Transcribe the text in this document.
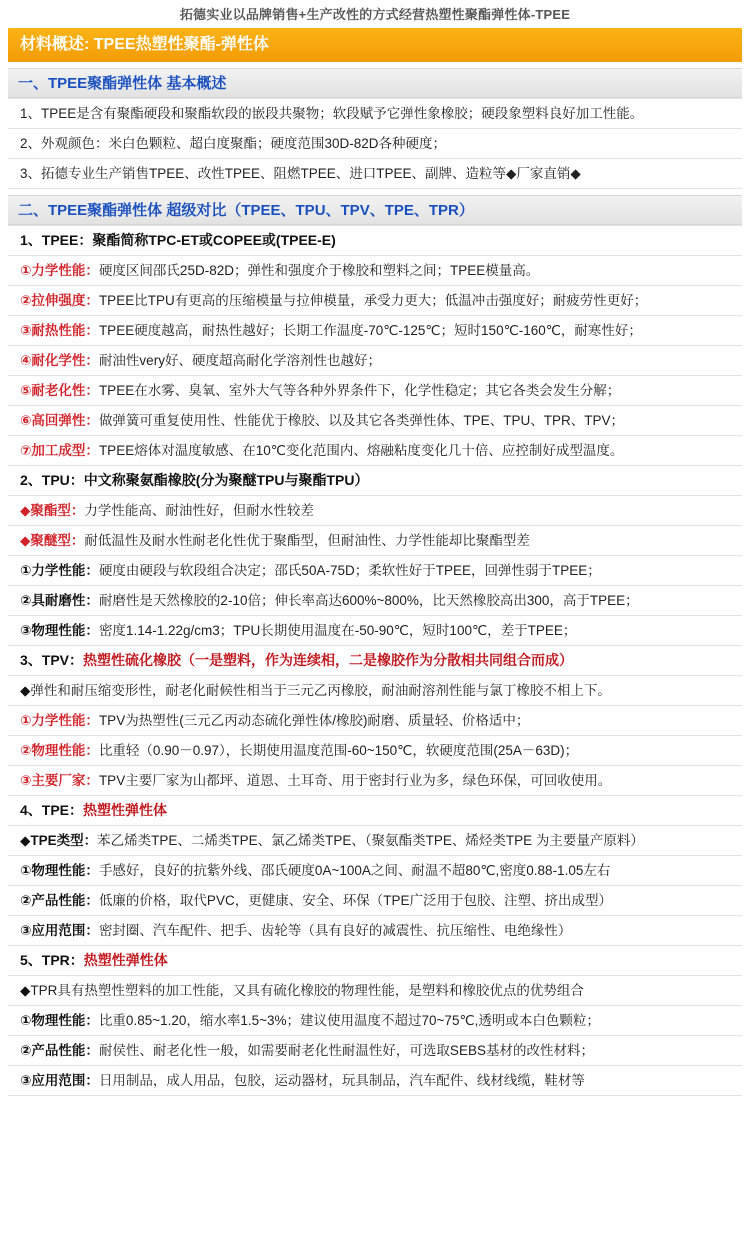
拓德实业以品牌销售+生产改性的方式经营热塑性聚酯弹性体-TPEE
材料概述: TPEE热塑性聚酯-弹性体
一、TPEE聚酯弹性体 基本概述
1、TPEE是含有聚酯硬段和聚酯软段的嵌段共聚物；软段赋予它弹性象橡胶；硬段象塑料良好加工性能。
2、外观颜色：米白色颗粒、超白度聚酯；硬度范围30D-82D各种硬度；
3、拓德专业生产销售TPEE、改性TPEE、阻燃TPEE、进口TPEE、副牌、造粒等◆厂家直销◆
二、TPEE聚酯弹性体 超级对比（TPEE、TPU、TPV、TPE、TPR）
1、TPEE：聚酯简称TPC-ET或COPEE或(TPEE-E)
①力学性能：硬度区间邵氏25D-82D；弹性和强度介于橡胶和塑料之间；TPEE模量高。
②拉伸强度：TPEE比TPU有更高的压缩模量与拉伸模量，承受力更大；低温冲击强度好；耐疲劳性更好；
③耐热性能：TPEE硬度越高，耐热性越好；长期工作温度-70℃-125℃；短时150℃-160℃，耐寒性好；
④耐化学性：耐油性very好、硬度超高耐化学溶剂性也越好；
⑤耐老化性：TPEE在水雾、臭氧、室外大气等各种外界条件下，化学性稳定；其它各类会发生分解；
⑥高回弹性：做弹簧可重复使用性、性能优于橡胶、以及其它各类弹性体、TPE、TPU、TPR、TPV；
⑦加工成型：TPEE熔体对温度敏感、在10℃变化范围内、熔融粘度变化几十倍、应控制好成型温度。
2、TPU：中文称聚氨酯橡胶(分为聚醚TPU与聚酯TPU）
◆聚酯型：力学性能高、耐油性好，但耐水性较差
◆聚醚型：耐低温性及耐水性耐老化性优于聚酯型，但耐油性、力学性能却比聚酯型差
①力学性能：硬度由硬段与软段组合决定；邵氏50A-75D；柔软性好于TPEE，回弹性弱于TPEE；
②具耐磨性：耐磨性是天然橡胶的2-10倍；伸长率高达600%~800%，比天然橡胶高出300，高于TPEE；
③物理性能：密度1.14-1.22g/cm3；TPU长期使用温度在-50-90℃，短时100℃，差于TPEE；
3、TPV：热塑性硫化橡胶（一是塑料，作为连续相，二是橡胶作为分散相共同组合而成）
◆弹性和耐压缩变形性，耐老化耐候性相当于三元乙丙橡胶，耐油耐溶剂性能与氯丁橡胶不相上下。
①力学性能：TPV为热塑性(三元乙丙动态硫化弹性体/橡胶)耐磨、质量轻、价格适中；
②物理性能：比重轻（0.90－0.97），长期使用温度范围-60~150℃，软硬度范围(25A－63D)；
③主要厂家：TPV主要厂家为山都坪、道恩、土耳奇、用于密封行业为多，绿色环保，可回收使用。
4、TPE：热塑性弹性体
◆TPE类型：苯乙烯类TPE、二烯类TPE、氯乙烯类TPE、（聚氨酯类TPE、烯烃类TPE 为主要量产原料）
①物理性能：手感好，良好的抗紫外线、邵氏硬度0A~100A之间、耐温不超80℃,密度0.88-1.05左右
②产品性能：低廉的价格，取代PVC，更健康、安全、环保（TPE广泛用于包胶、注塑、挤出成型）
③应用范围：密封圈、汽车配件、把手、齿轮等（具有良好的减震性、抗压缩性、电绝缘性）
5、TPR：热塑性弹性体
◆TPR具有热塑性塑料的加工性能，又具有硫化橡胶的物理性能，是塑料和橡胶优点的优势组合
①物理性能：比重0.85~1.20，缩水率1.5~3%；建议使用温度不超过70~75℃,透明或本白色颗粒；
②产品性能：耐侯性、耐老化性一般，如需要耐老化性耐温性好，可选取SEBS基材的改性材料；
③应用范围：日用制品，成人用品，包胶，运动器材，玩具制品，汽车配件、线材线缆，鞋材等
